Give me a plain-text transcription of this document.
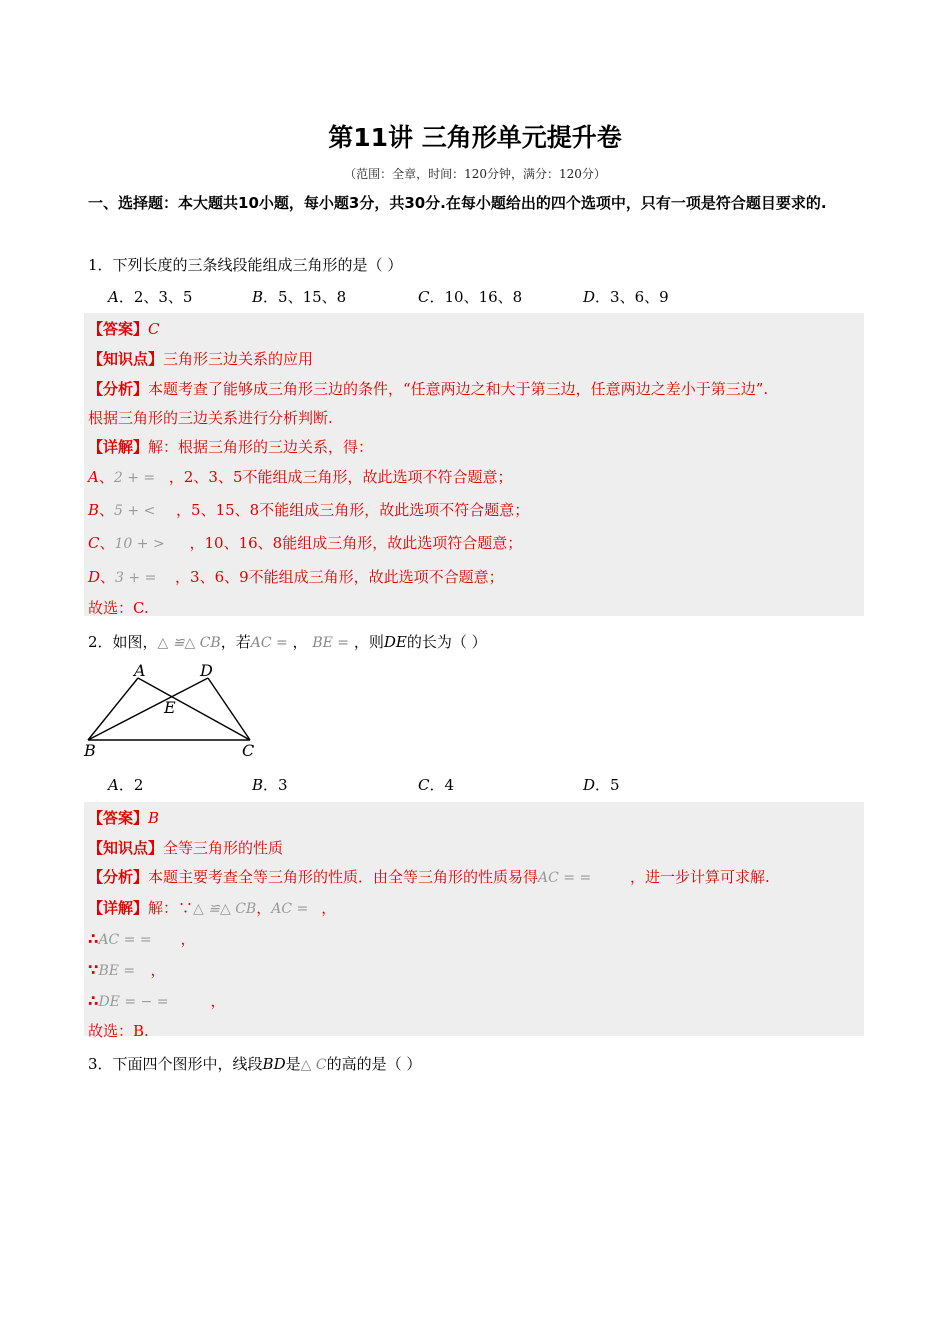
第11讲 三角形单元提升卷
（范围：全章，时间：120分钟，满分：120分）
一、选择题：本大题共10小题，每小题3分，共30分.在每小题给出的四个选项中，只有一项是符合题目要求的.
1．下列长度的三条线段能组成三角形的是（ ）
A．2、3、5	B．5、15、8	C．10、16、8	D．3、6、9
【答案】C
【知识点】三角形三边关系的应用
【分析】本题考查了能够成三角形三边的条件，“任意两边之和大于第三边，任意两边之差小于第三边”.
根据三角形的三边关系进行分析判断.
【详解】解：根据三角形的三边关系，得：
A、2 + = ，2、3、5不能组成三角形，故此选项不符合题意；
B、5 + < ，5、15、8不能组成三角形，故此选项不符合题意；
C、10 + > ，10、16、8能组成三角形，故此选项符合题意；
D、3 + = ，3、6、9不能组成三角形，故此选项不合题意；
故选：C.
2．如图，△ ≌△ CB，若AC = ， BE = ，则DE的长为（ ）
A	D
E
B	C
A．2	B．3	C．4	D．5
【答案】B
【知识点】全等三角形的性质
【分析】本题主要考查全等三角形的性质．由全等三角形的性质易得AC = =	，进一步计算可求解.
【详解】解：∵△ ≌△ CB，AC = ，
∴AC = = ，
∵BE = ，
∴DE = − =	，
故选：B.
3．下面四个图形中，线段BD是△ C的高的是（ ）
